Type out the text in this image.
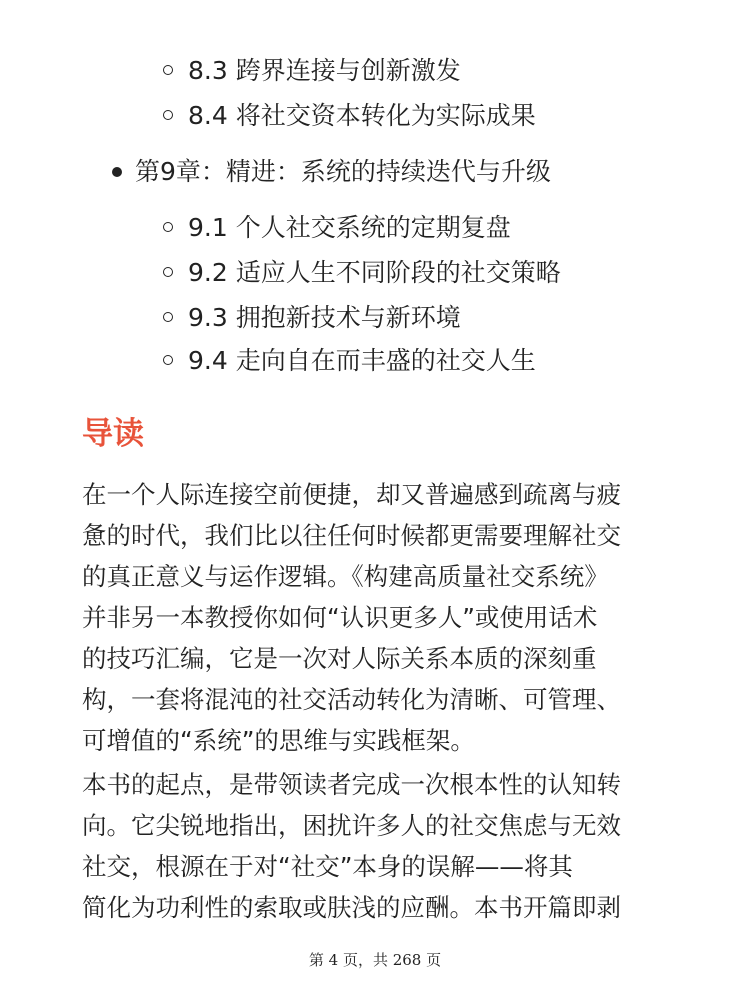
8.3 跨界连接与创新激发
8.4 将社交资本转化为实际成果
第9章：精进：系统的持续迭代与升级
9.1 个人社交系统的定期复盘
9.2 适应人生不同阶段的社交策略
9.3 拥抱新技术与新环境
9.4 走向自在而丰盛的社交人生
导读
在一个人际连接空前便捷，却又普遍感到疏离与疲
惫的时代，我们比以往任何时候都更需要理解社交
的真正意义与运作逻辑。《构建高质量社交系统》
并非另一本教授你如何“认识更多人”或使用话术
的技巧汇编，它是一次对人际关系本质的深刻重
构，一套将混沌的社交活动转化为清晰、可管理、
可增值的“系统”的思维与实践框架。
本书的起点，是带领读者完成一次根本性的认知转
向。它尖锐地指出，困扰许多人的社交焦虑与无效
社交，根源在于对“社交”本身的误解——将其
简化为功利性的索取或肤浅的应酬。本书开篇即剥
第 4 页，共 268 页
